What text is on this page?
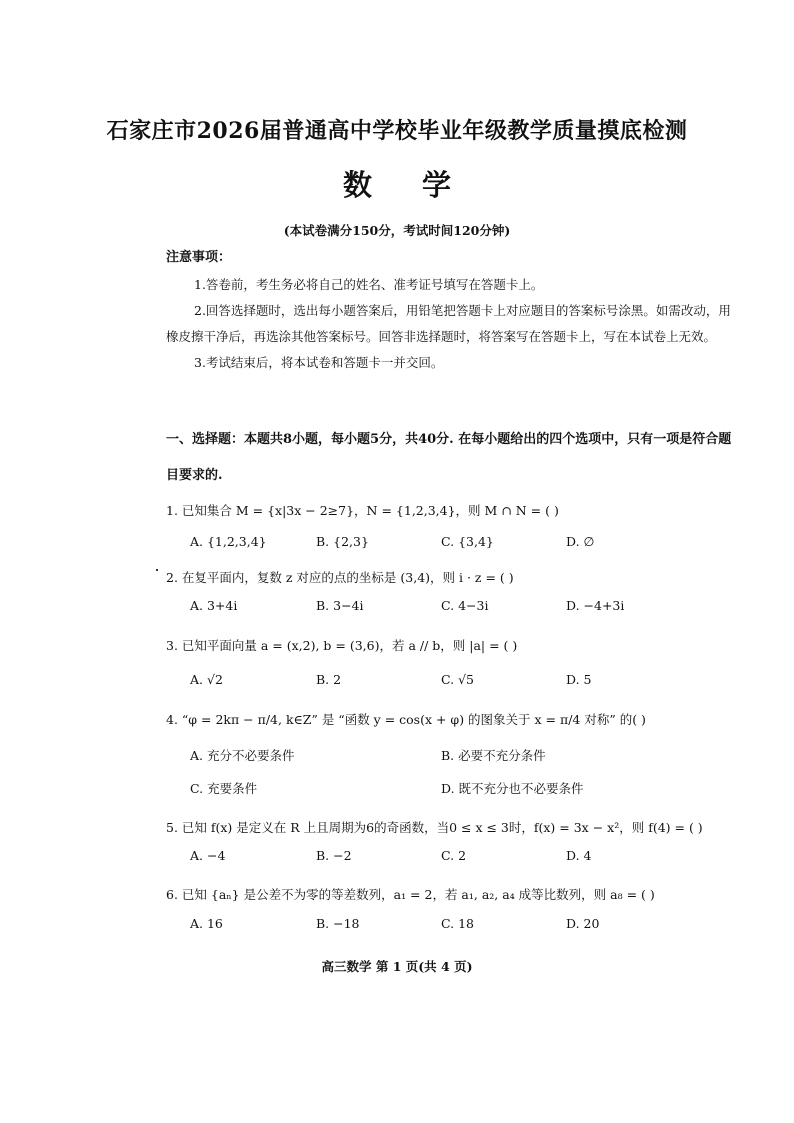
石家庄市2026届普通高中学校毕业年级教学质量摸底检测
数 学
(本试卷满分150分，考试时间120分钟)
注意事项：

1.答卷前，考生务必将自己的姓名、准考证号填写在答题卡上。

2.回答选择题时，选出每小题答案后，用铅笔把答题卡上对应题目的答案标号涂黑。如需改动，用橡皮擦干净后，再选涂其他答案标号。回答非选择题时，将答案写在答题卡上，写在本试卷上无效。

3.考试结束后，将本试卷和答题卡一并交回。

一、选择题：本题共8小题，每小题5分，共40分. 在每小题给出的四个选项中，只有一项是符合题目要求的.
1. 已知集合 M = {x|3x − 2≥7}，N = {1,2,3,4}，则 M ∩ N = ( )
A. {1,2,3,4}	B. {2,3}	C. {3,4}	D. ∅
2. 在复平面内，复数 z 对应的点的坐标是 (3,4)，则 i · z = ( )
A. 3+4i	B. 3−4i	C. 4−3i	D. −4+3i
3. 已知平面向量 a = (x,2), b = (3,6)，若 a // b，则 |a| = ( )
A. √2	B. 2	C. √5	D. 5
4. “φ = 2kπ − π/4, k∈Z” 是 “函数 y = cos(x + φ) 的图象关于 x = π/4 对称” 的( )
A. 充分不必要条件	B. 必要不充分条件
C. 充要条件	D. 既不充分也不必要条件
5. 已知 f(x) 是定义在 R 上且周期为6的奇函数，当0 ≤ x ≤ 3时，f(x) = 3x − x²，则 f(4) = ( )
A. −4	B. −2	C. 2	D. 4
6. 已知 {aₙ} 是公差不为零的等差数列，a₁ = 2，若 a₁, a₂, a₄ 成等比数列，则 a₈ = ( )
A. 16	B. −18	C. 18	D. 20
高三数学 第 1 页(共 4 页)
